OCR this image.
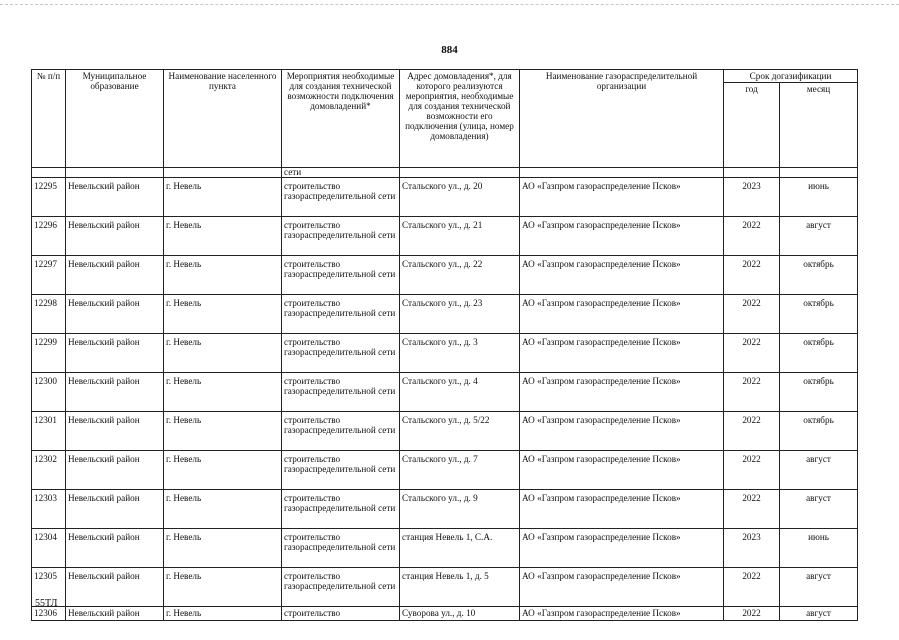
884
№ п/п	Муниципальное образование	Наименование населенного пункта	Мероприятия необходимые для создания технической возможности подключения домовладений*	Адрес домовладения*, для которого реализуются мероприятия, необходимые для создания технической возможности его подключения (улица, номер домовладения)	Наименование газораспределительной организации	Срок догазификации	
						год	месяц
			сети				
12295	Невельский район	г. Невель	строительство газораспределительной сети	Стальского ул., д. 20	АО «Газпром газораспределение Псков»	2023	июнь
12296	Невельский район	г. Невель	строительство газораспределительной сети	Стальского ул., д. 21	АО «Газпром газораспределение Псков»	2022	август
12297	Невельский район	г. Невель	строительство газораспределительной сети	Стальского ул., д. 22	АО «Газпром газораспределение Псков»	2022	октябрь
12298	Невельский район	г. Невель	строительство газораспределительной сети	Стальского ул., д. 23	АО «Газпром газораспределение Псков»	2022	октябрь
12299	Невельский район	г. Невель	строительство газораспределительной сети	Стальского ул., д. 3	АО «Газпром газораспределение Псков»	2022	октябрь
12300	Невельский район	г. Невель	строительство газораспределительной сети	Стальского ул., д. 4	АО «Газпром газораспределение Псков»	2022	октябрь
12301	Невельский район	г. Невель	строительство газораспределительной сети	Стальского ул., д. 5/22	АО «Газпром газораспределение Псков»	2022	октябрь
12302	Невельский район	г. Невель	строительство газораспределительной сети	Стальского ул., д. 7	АО «Газпром газораспределение Псков»	2022	август
12303	Невельский район	г. Невель	строительство газораспределительной сети	Стальского ул., д. 9	АО «Газпром газораспределение Псков»	2022	август
12304	Невельский район	г. Невель	строительство газораспределительной сети	станция Невель 1, С.А.	АО «Газпром газораспределение Псков»	2023	июнь
12305	Невельский район	г. Невель	строительство газораспределительной сети	станция Невель 1, д. 5	АО «Газпром газораспределение Псков»	2022	август
12306	Невельский район	г. Невель	строительство	Суворова ул., д. 10	АО «Газпром газораспределение Псков»	2022	август
55ТЛ
